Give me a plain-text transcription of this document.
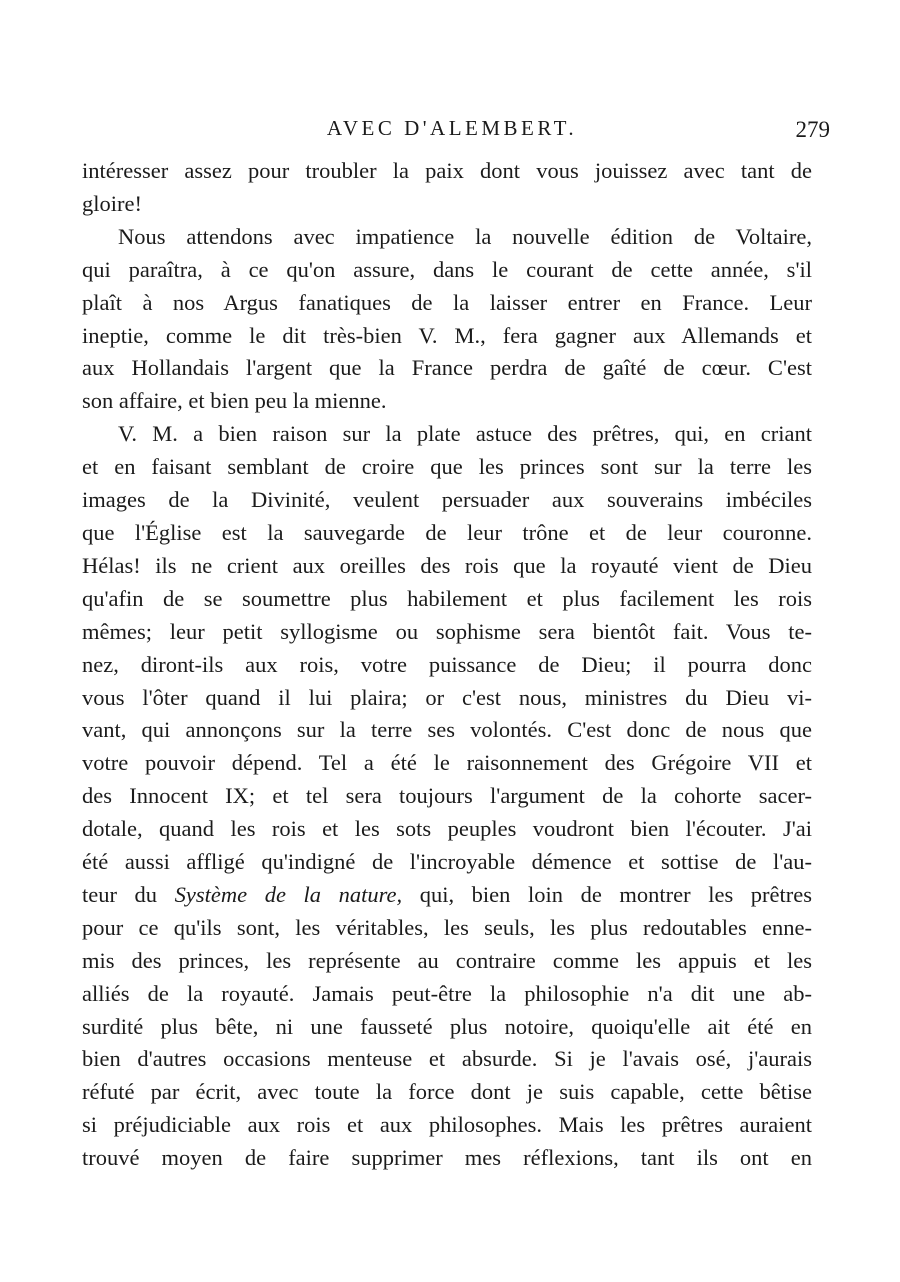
AVEC D'ALEMBERT.	279
intéresser assez pour troubler la paix dont vous jouissez avec tant de
gloire!
Nous attendons avec impatience la nouvelle édition de Voltaire,
qui paraîtra, à ce qu'on assure, dans le courant de cette année, s'il
plaît à nos Argus fanatiques de la laisser entrer en France. Leur
ineptie, comme le dit très-bien V. M., fera gagner aux Allemands et
aux Hollandais l'argent que la France perdra de gaîté de cœur. C'est
son affaire, et bien peu la mienne.
V. M. a bien raison sur la plate astuce des prêtres, qui, en criant
et en faisant semblant de croire que les princes sont sur la terre les
images de la Divinité, veulent persuader aux souverains imbéciles
que l'Église est la sauvegarde de leur trône et de leur couronne.
Hélas! ils ne crient aux oreilles des rois que la royauté vient de Dieu
qu'afin de se soumettre plus habilement et plus facilement les rois
mêmes; leur petit syllogisme ou sophisme sera bientôt fait. Vous te-
nez, diront-ils aux rois, votre puissance de Dieu; il pourra donc
vous l'ôter quand il lui plaira; or c'est nous, ministres du Dieu vi-
vant, qui annonçons sur la terre ses volontés. C'est donc de nous que
votre pouvoir dépend. Tel a été le raisonnement des Grégoire VII et
des Innocent IX; et tel sera toujours l'argument de la cohorte sacer-
dotale, quand les rois et les sots peuples voudront bien l'écouter. J'ai
été aussi affligé qu'indigné de l'incroyable démence et sottise de l'au-
teur du Système de la nature, qui, bien loin de montrer les prêtres
pour ce qu'ils sont, les véritables, les seuls, les plus redoutables enne-
mis des princes, les représente au contraire comme les appuis et les
alliés de la royauté. Jamais peut-être la philosophie n'a dit une ab-
surdité plus bête, ni une fausseté plus notoire, quoiqu'elle ait été en
bien d'autres occasions menteuse et absurde. Si je l'avais osé, j'aurais
réfuté par écrit, avec toute la force dont je suis capable, cette bêtise
si préjudiciable aux rois et aux philosophes. Mais les prêtres auraient
trouvé moyen de faire supprimer mes réflexions, tant ils ont en
